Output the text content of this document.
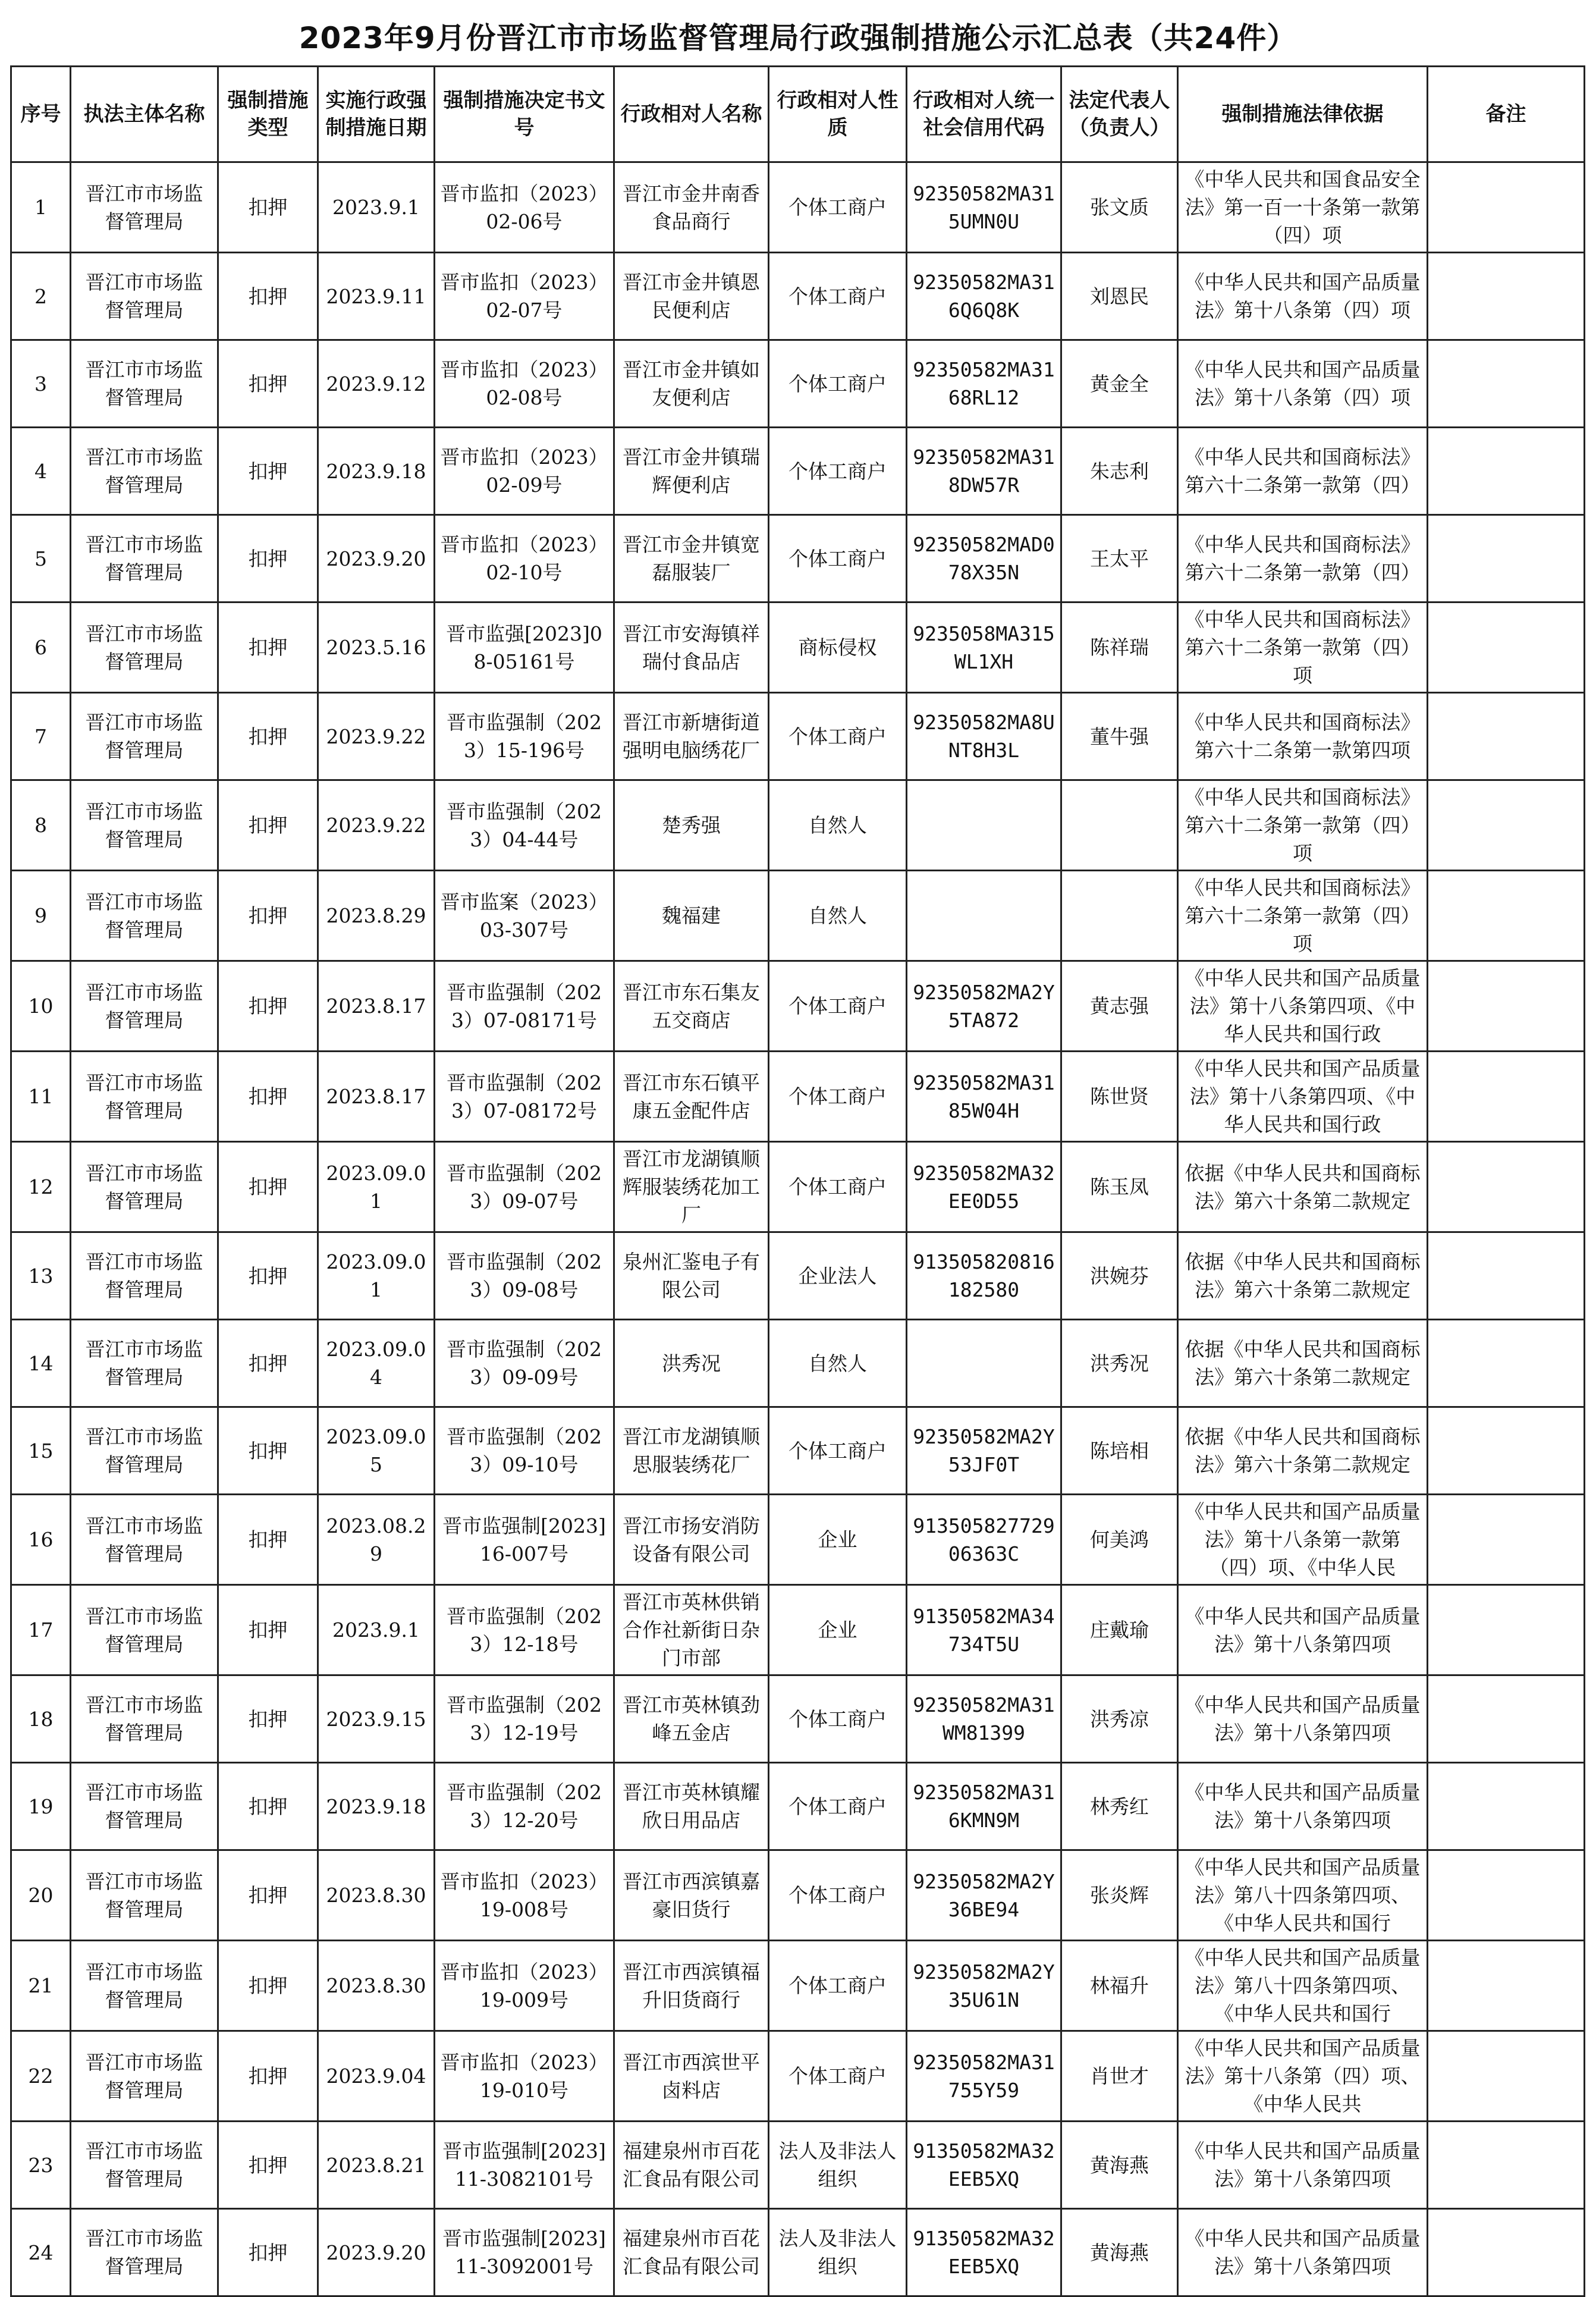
2023年9月份晋江市市场监督管理局行政强制措施公示汇总表（共24件）
序号	执法主体名称	强制措施类型	实施行政强制措施日期	强制措施决定书文号	行政相对人名称	行政相对人性质	行政相对人统一社会信用代码	法定代表人（负责人）	强制措施法律依据	备注
1	晋江市市场监督管理局	扣押	2023.9.1	晋市监扣（2023）02-06号	晋江市金井南香食品商行	个体工商户	92350582MA315UMN0U	张文质	《中华人民共和国食品安全法》第一百一十条第一款第（四）项	

2	晋江市市场监督管理局	扣押	2023.9.11	晋市监扣（2023）02-07号	晋江市金井镇恩民便利店	个体工商户	92350582MA316Q6Q8K	刘恩民	《中华人民共和国产品质量法》第十八条第（四）项	

3	晋江市市场监督管理局	扣押	2023.9.12	晋市监扣（2023）02-08号	晋江市金井镇如友便利店	个体工商户	92350582MA3168RL12	黄金全	《中华人民共和国产品质量法》第十八条第（四）项	

4	晋江市市场监督管理局	扣押	2023.9.18	晋市监扣（2023）02-09号	晋江市金井镇瑞辉便利店	个体工商户	92350582MA318DW57R	朱志利	《中华人民共和国商标法》第六十二条第一款第（四）	

5	晋江市市场监督管理局	扣押	2023.9.20	晋市监扣（2023）02-10号	晋江市金井镇宽磊服装厂	个体工商户	92350582MAD078X35N	王太平	《中华人民共和国商标法》第六十二条第一款第（四）	

6	晋江市市场监督管理局	扣押	2023.5.16	晋市监强[2023]08-05161号	晋江市安海镇祥瑞付食品店	商标侵权	9235058MA315WL1XH	陈祥瑞	《中华人民共和国商标法》第六十二条第一款第（四）项	

7	晋江市市场监督管理局	扣押	2023.9.22	晋市监强制（2023）15-196号	晋江市新塘街道强明电脑绣花厂	个体工商户	92350582MA8UNT8H3L	董牛强	《中华人民共和国商标法》第六十二条第一款第四项	

8	晋江市市场监督管理局	扣押	2023.9.22	晋市监强制（2023）04-44号	楚秀强	自然人			《中华人民共和国商标法》第六十二条第一款第（四）项	

9	晋江市市场监督管理局	扣押	2023.8.29	晋市监案（2023）03-307号	魏福建	自然人			《中华人民共和国商标法》第六十二条第一款第（四）项	

10	晋江市市场监督管理局	扣押	2023.8.17	晋市监强制（2023）07-08171号	晋江市东石集友五交商店	个体工商户	92350582MA2Y5TA872	黄志强	《中华人民共和国产品质量法》第十八条第四项、《中华人民共和国行政	

11	晋江市市场监督管理局	扣押	2023.8.17	晋市监强制（2023）07-08172号	晋江市东石镇平康五金配件店	个体工商户	92350582MA3185W04H	陈世贤	《中华人民共和国产品质量法》第十八条第四项、《中华人民共和国行政	

12	晋江市市场监督管理局	扣押	2023.09.01	晋市监强制（2023）09-07号	晋江市龙湖镇顺辉服装绣花加工厂	个体工商户	92350582MA32EE0D55	陈玉凤	依据《中华人民共和国商标法》第六十条第二款规定	

13	晋江市市场监督管理局	扣押	2023.09.01	晋市监强制（2023）09-08号	泉州汇鉴电子有限公司	企业法人	913505820816182580	洪婉芬	依据《中华人民共和国商标法》第六十条第二款规定	

14	晋江市市场监督管理局	扣押	2023.09.04	晋市监强制（2023）09-09号	洪秀况	自然人		洪秀况	依据《中华人民共和国商标法》第六十条第二款规定	

15	晋江市市场监督管理局	扣押	2023.09.05	晋市监强制（2023）09-10号	晋江市龙湖镇顺思服装绣花厂	个体工商户	92350582MA2Y53JF0T	陈培相	依据《中华人民共和国商标法》第六十条第二款规定	

16	晋江市市场监督管理局	扣押	2023.08.29	晋市监强制[2023]16-007号	晋江市扬安消防设备有限公司	企业	91350582772906363C	何美鸿	《中华人民共和国产品质量法》第十八条第一款第（四）项、《中华人民	

17	晋江市市场监督管理局	扣押	2023.9.1	晋市监强制（2023）12-18号	晋江市英林供销合作社新街日杂门市部	企业	91350582MA34734T5U	庄戴瑜	《中华人民共和国产品质量法》第十八条第四项	

18	晋江市市场监督管理局	扣押	2023.9.15	晋市监强制（2023）12-19号	晋江市英林镇劲峰五金店	个体工商户	92350582MA31WM81399	洪秀凉	《中华人民共和国产品质量法》第十八条第四项	

19	晋江市市场监督管理局	扣押	2023.9.18	晋市监强制（2023）12-20号	晋江市英林镇耀欣日用品店	个体工商户	92350582MA316KMN9M	林秀红	《中华人民共和国产品质量法》第十八条第四项	

20	晋江市市场监督管理局	扣押	2023.8.30	晋市监扣（2023）19-008号	晋江市西滨镇嘉豪旧货行	个体工商户	92350582MA2Y36BE94	张炎辉	《中华人民共和国产品质量法》第八十四条第四项、《中华人民共和国行	

21	晋江市市场监督管理局	扣押	2023.8.30	晋市监扣（2023）19-009号	晋江市西滨镇福升旧货商行	个体工商户	92350582MA2Y35U61N	林福升	《中华人民共和国产品质量法》第八十四条第四项、《中华人民共和国行	

22	晋江市市场监督管理局	扣押	2023.9.04	晋市监扣（2023）19-010号	晋江市西滨世平卤料店	个体工商户	92350582MA31755Y59	肖世才	《中华人民共和国产品质量法》第十八条第（四）项、《中华人民共	

23	晋江市市场监督管理局	扣押	2023.8.21	晋市监强制[2023]11-3082101号	福建泉州市百花汇食品有限公司	法人及非法人组织	91350582MA32EEB5XQ	黄海燕	《中华人民共和国产品质量法》第十八条第四项	

24	晋江市市场监督管理局	扣押	2023.9.20	晋市监强制[2023]11-3092001号	福建泉州市百花汇食品有限公司	法人及非法人组织	91350582MA32EEB5XQ	黄海燕	《中华人民共和国产品质量法》第十八条第四项	
